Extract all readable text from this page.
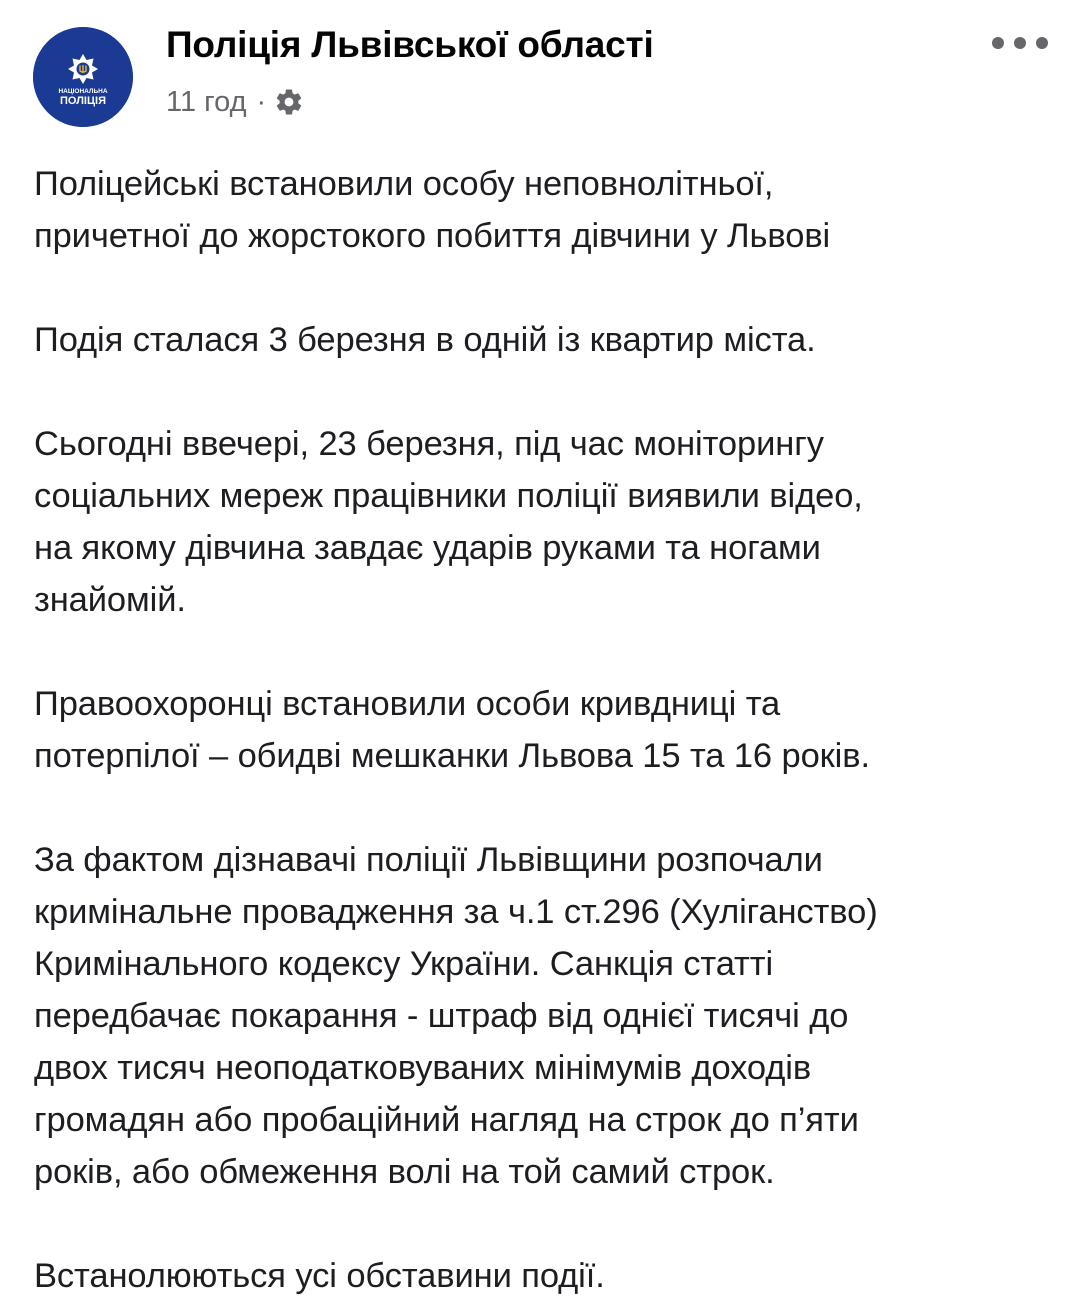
НАЦІОНАЛЬНА
ПОЛІЦІЯ
Поліція Львівської області
11 год ·

Поліцейські встановили особу неповнолітньої,
причетної до жорстокого побиття дівчини у Львові

Подія сталася 3 березня в одній із квартир міста.

Сьогодні ввечері, 23 березня, під час моніторингу
соціальних мереж працівники поліції виявили відео,
на якому дівчина завдає ударів руками та ногами
знайомій.

Правоохоронці встановили особи кривдниці та
потерпілої – обидві мешканки Львова 15 та 16 років.

За фактом дізнавачі поліції Львівщини розпочали
кримінальне провадження за ч.1 ст.296 (Хуліганство)
Кримінального кодексу України. Санкція статті
передбачає покарання - штраф від однієї тисячі до
двох тисяч неоподатковуваних мінімумів доходів
громадян або пробаційний нагляд на строк до п’яти
років, або обмеження волі на той самий строк.

Встанолюються усі обставини події.
